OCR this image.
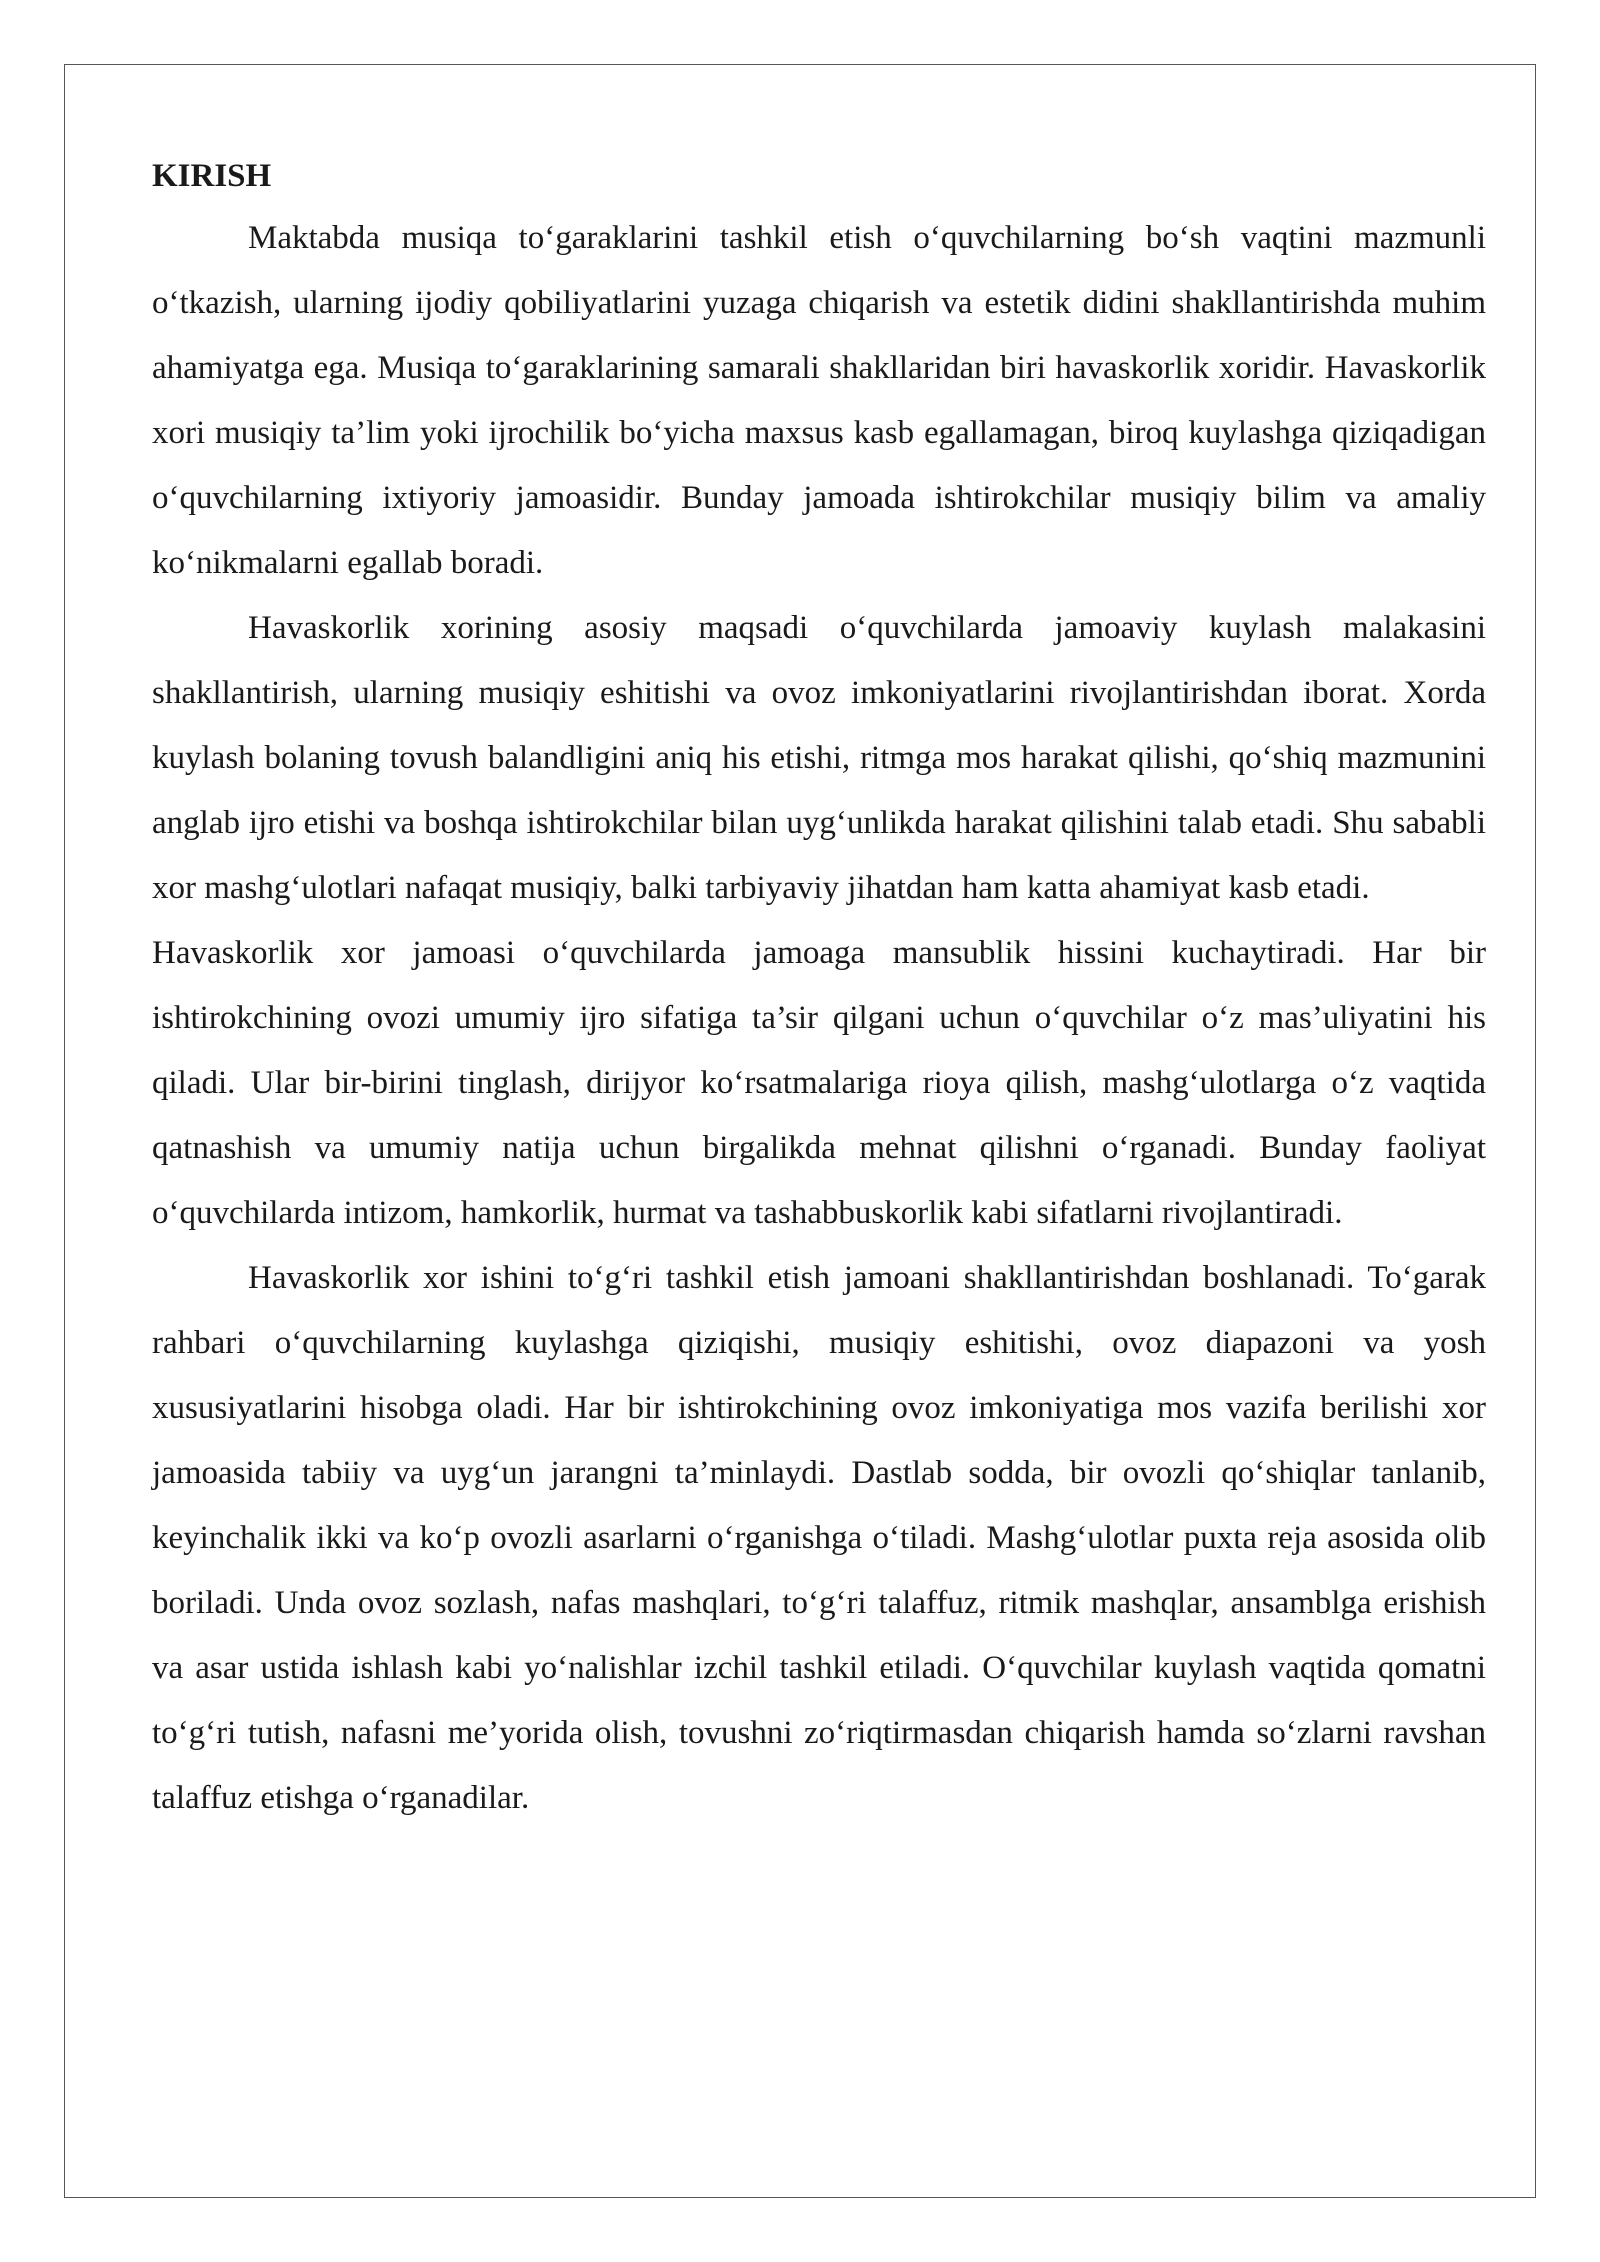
KIRISH

Maktabda musiqa to‘garaklarini tashkil etish o‘quvchilarning bo‘sh vaqtini mazmunli o‘tkazish, ularning ijodiy qobiliyatlarini yuzaga chiqarish va estetik didini shakllantirishda muhim ahamiyatga ega. Musiqa to‘garaklarining samarali shakllaridan biri havaskorlik xoridir. Havaskorlik xori musiqiy ta’lim yoki ijrochilik bo‘yicha maxsus kasb egallamagan, biroq kuylashga qiziqadigan o‘quvchilarning ixtiyoriy jamoasidir. Bunday jamoada ishtirokchilar musiqiy bilim va amaliy ko‘nikmalarni egallab boradi.

Havaskorlik xorining asosiy maqsadi o‘quvchilarda jamoaviy kuylash malakasini shakllantirish, ularning musiqiy eshitishi va ovoz imkoniyatlarini rivojlantirishdan iborat. Xorda kuylash bolaning tovush balandligini aniq his etishi, ritmga mos harakat qilishi, qo‘shiq mazmunini anglab ijro etishi va boshqa ishtirokchilar bilan uyg‘unlikda harakat qilishini talab etadi. Shu sababli xor mashg‘ulotlari nafaqat musiqiy, balki tarbiyaviy jihatdan ham katta ahamiyat kasb etadi.

Havaskorlik xor jamoasi o‘quvchilarda jamoaga mansublik hissini kuchaytiradi. Har bir ishtirokchining ovozi umumiy ijro sifatiga ta’sir qilgani uchun o‘quvchilar o‘z mas’uliyatini his qiladi. Ular bir-birini tinglash, dirijyor ko‘rsatmalariga rioya qilish, mashg‘ulotlarga o‘z vaqtida qatnashish va umumiy natija uchun birgalikda mehnat qilishni o‘rganadi. Bunday faoliyat o‘quvchilarda intizom, hamkorlik, hurmat va tashabbuskorlik kabi sifatlarni rivojlantiradi.

Havaskorlik xor ishini to‘g‘ri tashkil etish jamoani shakllantirishdan boshlanadi. To‘garak rahbari o‘quvchilarning kuylashga qiziqishi, musiqiy eshitishi, ovoz diapazoni va yosh xususiyatlarini hisobga oladi. Har bir ishtirokchining ovoz imkoniyatiga mos vazifa berilishi xor jamoasida tabiiy va uyg‘un jarangni ta’minlaydi. Dastlab sodda, bir ovozli qo‘shiqlar tanlanib, keyinchalik ikki va ko‘p ovozli asarlarni o‘rganishga o‘tiladi. Mashg‘ulotlar puxta reja asosida olib boriladi. Unda ovoz sozlash, nafas mashqlari, to‘g‘ri talaffuz, ritmik mashqlar, ansamblga erishish va asar ustida ishlash kabi yo‘nalishlar izchil tashkil etiladi. O‘quvchilar kuylash vaqtida qomatni to‘g‘ri tutish, nafasni me’yorida olish, tovushni zo‘riqtirmasdan chiqarish hamda so‘zlarni ravshan talaffuz etishga o‘rganadilar.
